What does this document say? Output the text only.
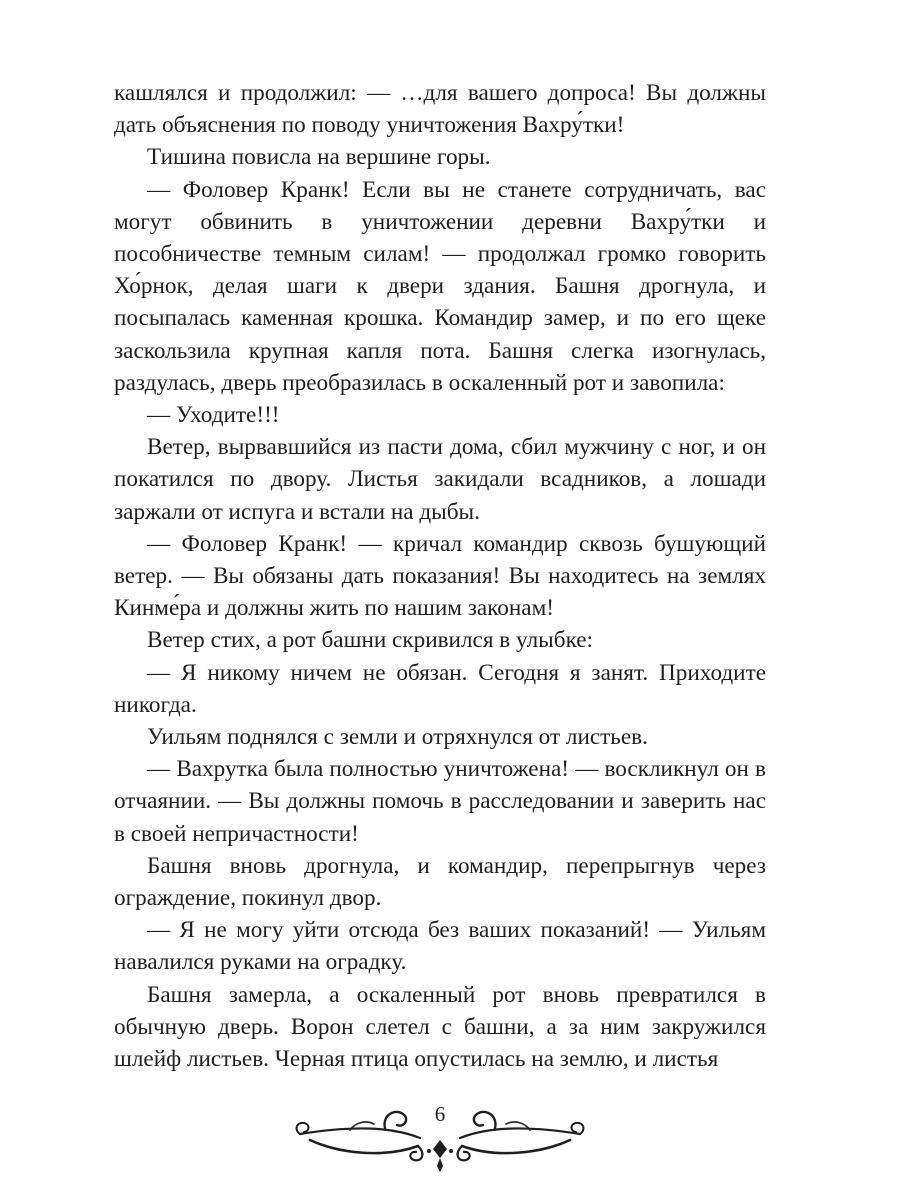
кашлялся и продолжил: — …для вашего допроса! Вы должны дать объяснения по поводу уничтожения Вахру́тки!

Тишина повисла на вершине горы.

— Фоловер Кранк! Если вы не станете сотрудничать, вас могут обвинить в уничтожении деревни Вахру́тки и пособничестве темным силам! — продолжал громко говорить Хо́рнок, делая шаги к двери здания. Башня дрогнула, и посыпалась каменная крошка. Командир замер, и по его щеке заскользила крупная капля пота. Башня слегка изогнулась, раздулась, дверь преобразилась в оскаленный рот и завопила:

— Уходите!!!

Ветер, вырвавшийся из пасти дома, сбил мужчину с ног, и он покатился по двору. Листья закидали всадников, а лошади заржали от испуга и встали на дыбы.

— Фоловер Кранк! — кричал командир сквозь бушующий ветер. — Вы обязаны дать показания! Вы находитесь на землях Кинме́ра и должны жить по нашим законам!

Ветер стих, а рот башни скривился в улыбке:

— Я никому ничем не обязан. Сегодня я занят. Приходите никогда.

Уильям поднялся с земли и отряхнулся от листьев.

— Вахрутка была полностью уничтожена! — воскликнул он в отчаянии. — Вы должны помочь в расследовании и заверить нас в своей непричастности!

Башня вновь дрогнула, и командир, перепрыгнув через ограждение, покинул двор.

— Я не могу уйти отсюда без ваших показаний! — Уильям навалился руками на оградку.

Башня замерла, а оскаленный рот вновь превратился в обычную дверь. Ворон слетел с башни, а за ним закружился шлейф листьев. Черная птица опустилась на землю, и листья

6
